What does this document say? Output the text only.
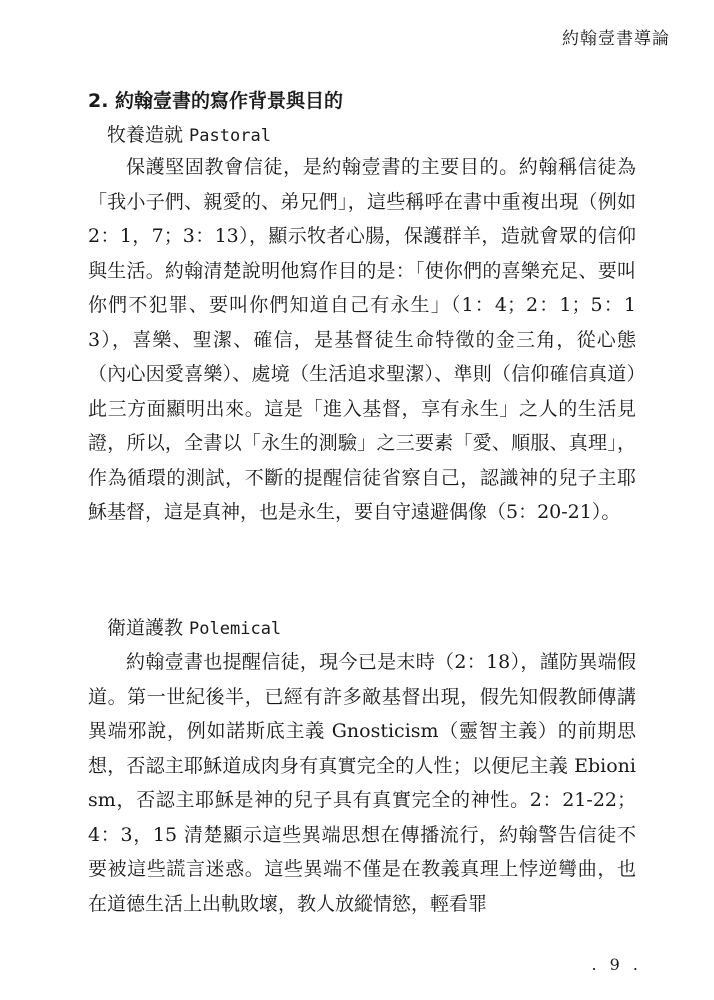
約翰壹書導論
2. 約翰壹書的寫作背景與目的
牧養造就 Pastoral

保護堅固教會信徒，是約翰壹書的主要目的。約翰稱信徒為「我小子們、親愛的、弟兄們」，這些稱呼在書中重複出現（例如 2：1，7；3：13），顯示牧者心腸，保護群羊，造就會眾的信仰與生活。約翰清楚說明他寫作目的是：「使你們的喜樂充足、要叫你們不犯罪、要叫你們知道自己有永生」（1：4；2：1；5：13），喜樂、聖潔、確信，是基督徒生命特徵的金三角，從心態（內心因愛喜樂）、處境（生活追求聖潔）、準則（信仰確信真道）此三方面顯明出來。這是「進入基督，享有永生」之人的生活見證，所以，全書以「永生的測驗」之三要素「愛、順服、真理」，作為循環的測試，不斷的提醒信徒省察自己，認識神的兒子主耶穌基督，這是真神，也是永生，要自守遠避偶像（5：20-21）。

衛道護教 Polemical

約翰壹書也提醒信徒，現今已是末時（2：18），謹防異端假道。第一世紀後半，已經有許多敵基督出現，假先知假教師傳講異端邪說，例如諾斯底主義 Gnosticism（靈智主義）的前期思想，否認主耶穌道成肉身有真實完全的人性；以便尼主義 Ebionism，否認主耶穌是神的兒子具有真實完全的神性。2：21-22；4：3，15 清楚顯示這些異端思想在傳播流行，約翰警告信徒不要被這些謊言迷惑。這些異端不僅是在教義真理上悖逆彎曲，也在道德生活上出軌敗壞，教人放縱情慾，輕看罪

. 9 .
